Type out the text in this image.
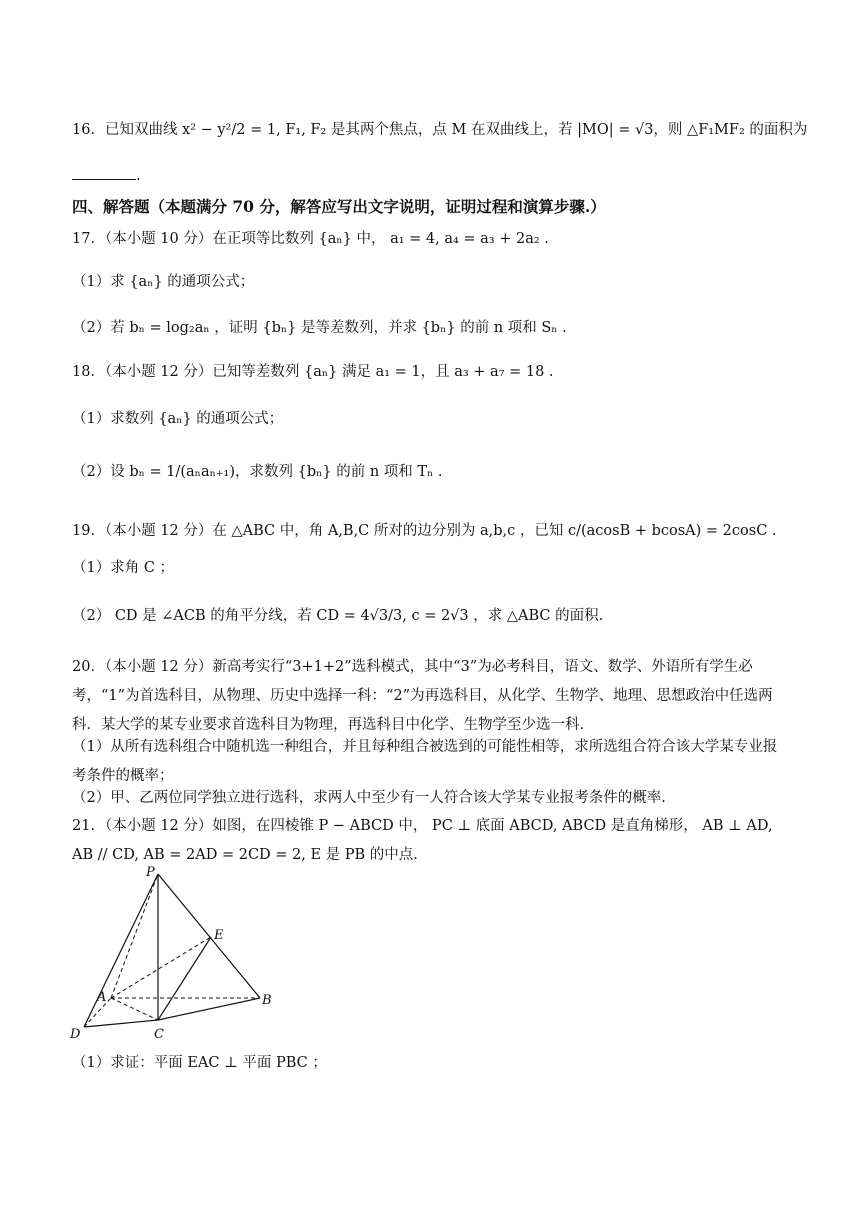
16．已知双曲线 x² − y²/2 = 1, F₁, F₂ 是其两个焦点，点 M 在双曲线上，若 |MO| = √3，则 △F₁MF₂ 的面积为
.
四、解答题（本题满分 70 分，解答应写出文字说明，证明过程和演算步骤.）
17．（本小题 10 分）在正项等比数列 {aₙ} 中， a₁ = 4, a₄ = a₃ + 2a₂ .
（1）求 {aₙ} 的通项公式；
（2）若 bₙ = log₂aₙ ，证明 {bₙ} 是等差数列，并求 {bₙ} 的前 n 项和 Sₙ .
18．（本小题 12 分）已知等差数列 {aₙ} 满足 a₁ = 1，且 a₃ + a₇ = 18 .
（1）求数列 {aₙ} 的通项公式；
（2）设 bₙ = 1/(aₙaₙ₊₁)，求数列 {bₙ} 的前 n 项和 Tₙ .
19．（本小题 12 分）在 △ABC 中，角 A,B,C 所对的边分别为 a,b,c ，已知 c/(acosB + bcosA) = 2cosC .
（1）求角 C ；
（2） CD 是 ∠ACB 的角平分线，若 CD = 4√3/3, c = 2√3 ，求 △ABC 的面积.
20．（本小题 12 分）新高考实行“3+1+2”选科模式，其中“3”为必考科目，语文、数学、外语所有学生必考，“1”为首选科目，从物理、历史中选择一科：“2”为再选科目，从化学、生物学、地理、思想政治中任选两科．某大学的某专业要求首选科目为物理，再选科目中化学、生物学至少选一科.
（1）从所有选科组合中随机选一种组合，并且每种组合被选到的可能性相等，求所选组合符合该大学某专业报考条件的概率；
（2）甲、乙两位同学独立进行选科，求两人中至少有一人符合该大学某专业报考条件的概率.
21．（本小题 12 分）如图，在四棱锥 P − ABCD 中， PC ⊥ 底面 ABCD, ABCD 是直角梯形， AB ⊥ AD, AB // CD, AB = 2AD = 2CD = 2, E 是 PB 的中点.
P
E
A	B
C
D
（1）求证：平面 EAC ⊥ 平面 PBC ；
